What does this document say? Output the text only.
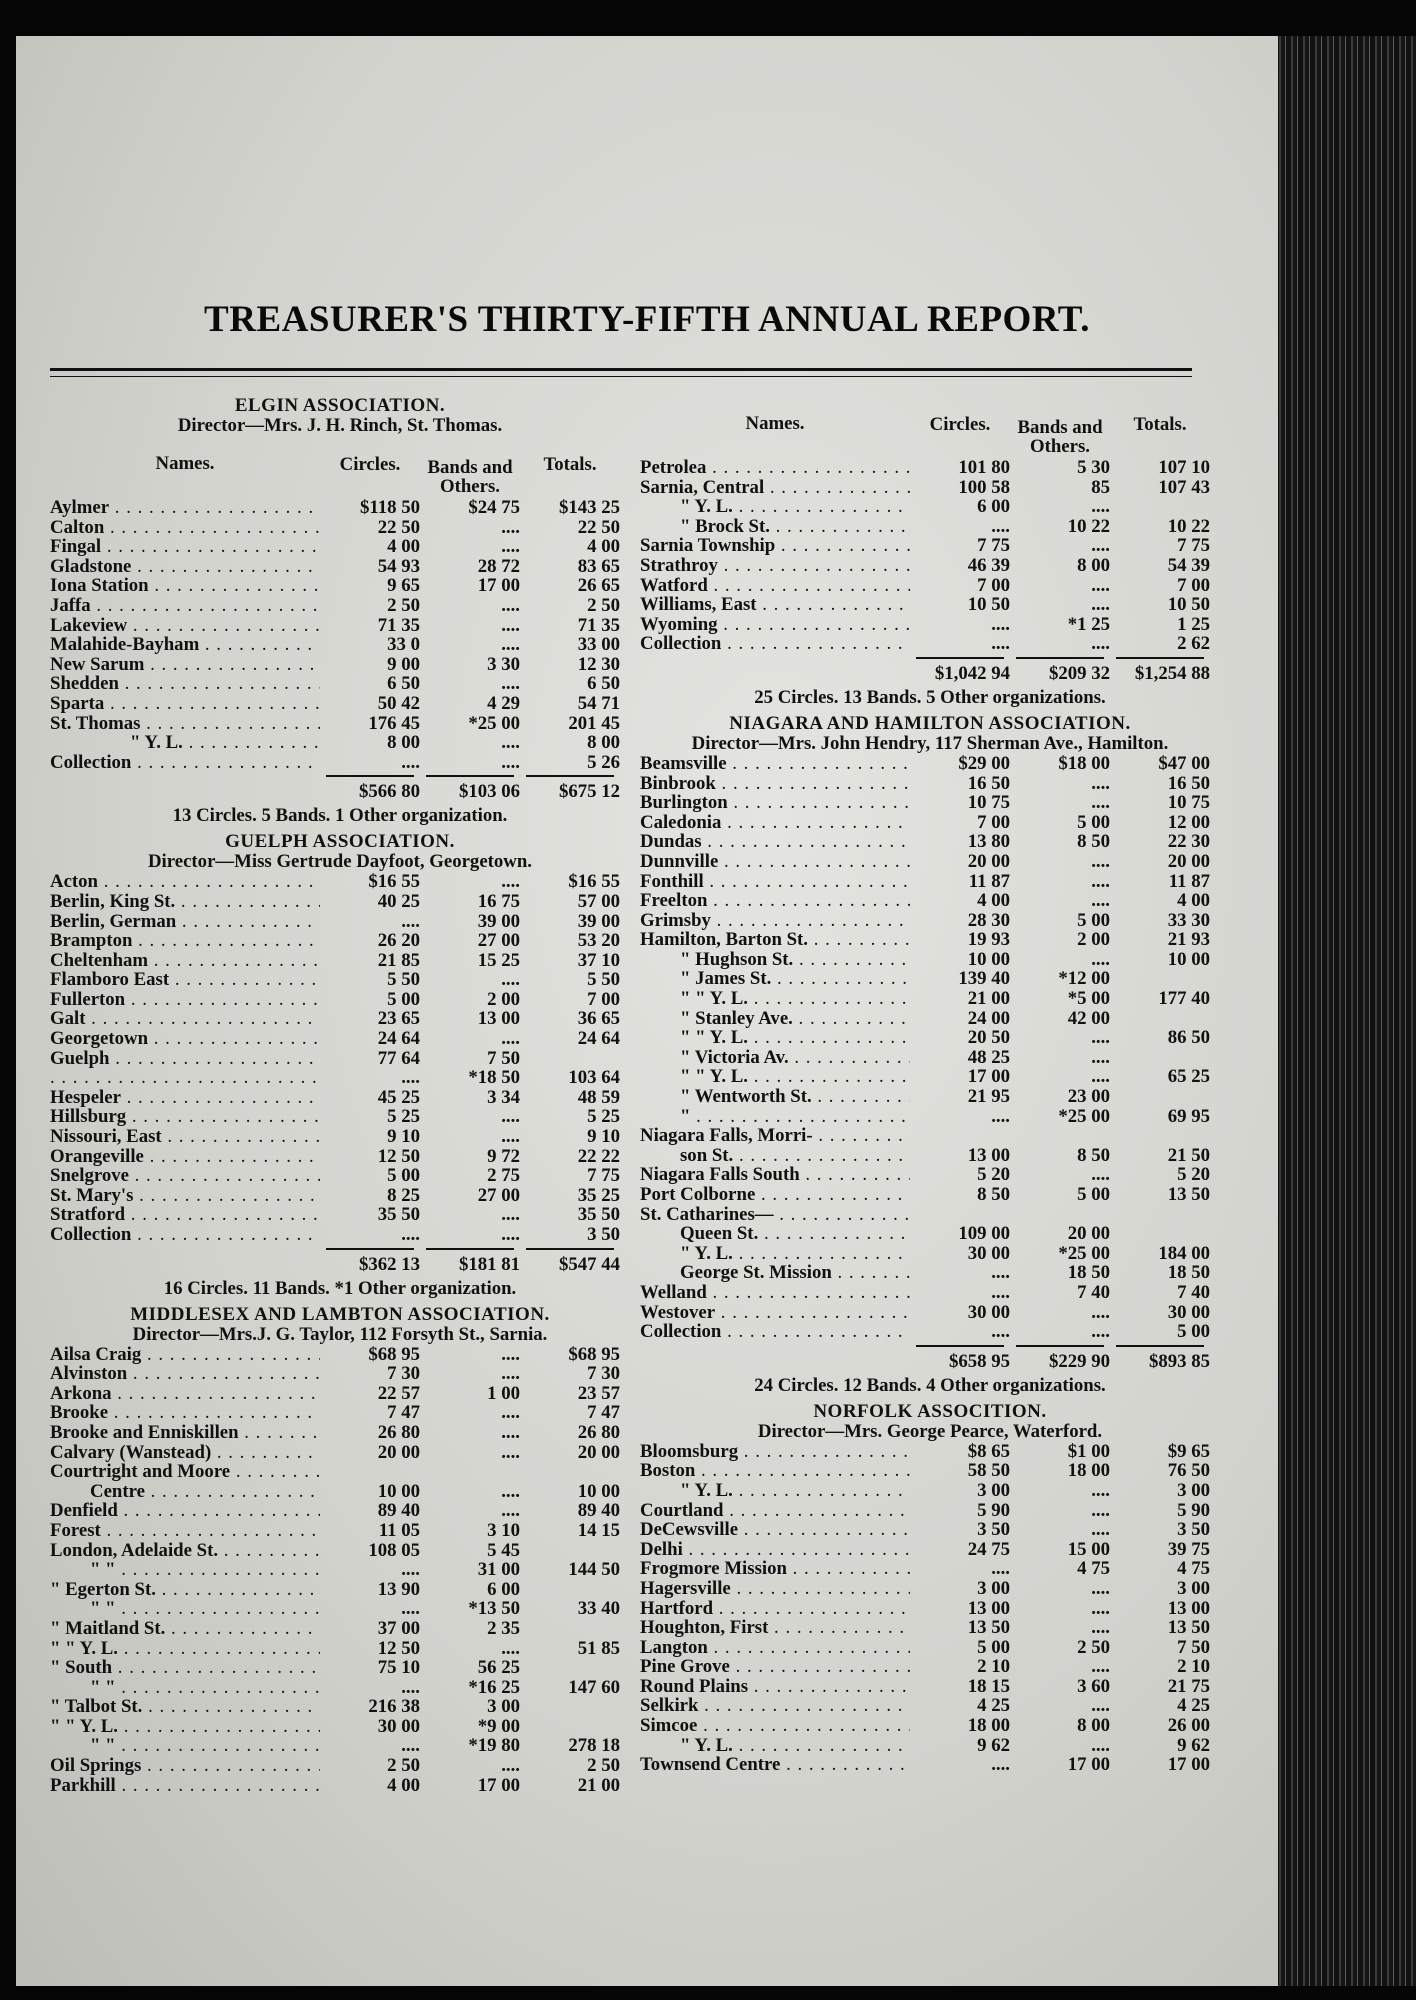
TREASURER'S THIRTY-FIFTH ANNUAL REPORT.
ELGIN ASSOCIATION.
Director—Mrs. J. H. Rinch, St. Thomas.
Names.	Circles.	Bands and Others.
Totals.
Aylmer . . .	$118 50	$24 75	$143 25
Calton . . .	22 50	....	22 50
Fingal . . .	4 00	....	4 00
Gladstone . . .	54 93	28 72	83 65
Iona Station . . .	9 65	17 00	26 65
Jaffa . . .	2 50	....	2 50
Lakeview . . .	71 35	....	71 35
Malahide-Bayham . . .	33 0	....	33 00
New Sarum . . .	9 00	3 30	12 30
Shedden . . .	6 50	....	6 50
Sparta . . .	50 42	4 29	54 71
St. Thomas . . .	176 45	*25 00	201 45
" Y. L. . . .	8 00	....	8 00
Collection . . .	....	....	5 26
$566 80	$103 06	$675 12
13 Circles. 5 Bands. 1 Other organization.
GUELPH ASSOCIATION.
Director—Miss Gertrude Dayfoot, Georgetown.
Acton . . .	$16 55	....	$16 55
Berlin, King St. . . .	40 25	16 75	57 00
Berlin, German . . .	....	39 00	39 00
Brampton . . .	26 20	27 00	53 20
Cheltenham . . .	21 85	15 25	37 10
Flamboro East . . .	5 50	....	5 50
Fullerton . . .	5 00	2 00	7 00
Galt . . .	23 65	13 00	36 65
Georgetown . . .	24 64	....	24 64
Guelph . . .	77 64	7 50
. . .
....	*18 50	103 64
Hespeler . . .	45 25	3 34	48 59
Hillsburg . . .	5 25	....	5 25
Nissouri, East . . .	9 10	....	9 10
Orangeville . . .	12 50	9 72	22 22
Snelgrove . . .	5 00	2 75	7 75
St. Mary's . . .	8 25	27 00	35 25
Stratford . . .	35 50	....	35 50
Collection . . .	....	....	3 50
$362 13	$181 81	$547 44
16 Circles. 11 Bands. *1 Other organization.
MIDDLESEX AND LAMBTON ASSOCIATION.
Director—Mrs.J. G. Taylor, 112 Forsyth St., Sarnia.
Ailsa Craig . . .	$68 95	....	$68 95
Alvinston . . .	7 30	....	7 30
Arkona . . .	22 57	1 00	23 57
Brooke . . .	7 47	....	7 47
Brooke and Enniskillen . . .	26 80	....	26 80
Calvary (Wanstead) . . .	20 00	....	20 00
Courtright and Moore . . .
Centre . . .	10 00	....	10 00
Denfield . . .	89 40	....	89 40
Forest . . .	11 05	3 10	14 15
London, Adelaide St. . . .	108 05	5 45
" " . . .	....	31 00	144 50
" Egerton St. . . .	13 90	6 00
" " . . .	....	*13 50	33 40
" Maitland St. . . .	37 00	2 35
" " Y. L. . . .	12 50	....	51 85
" South . . .	75 10	56 25
" " . . .	....	*16 25	147 60
" Talbot St. . . .	216 38	3 00
" " Y. L. . . .	30 00	*9 00
" " . . .	....	*19 80	278 18
Oil Springs . . .	2 50	....	2 50
Parkhill . . .	4 00	17 00	21 00
Names.	Circles.	Bands and Others.
Totals.
Petrolea . . .	101 80	5 30	107 10
Sarnia, Central . . .	100 58	85	107 43
" Y. L. . . .	6 00	....
" Brock St. . . .	....	10 22	10 22
Sarnia Township . . .	7 75	....	7 75
Strathroy . . .	46 39	8 00	54 39
Watford . . .	7 00	....	7 00
Williams, East . . .	10 50	....	10 50
Wyoming . . .	....	*1 25	1 25
Collection . . .	....	....	2 62
$1,042 94	$209 32	$1,254 88
25 Circles. 13 Bands. 5 Other organizations.
NIAGARA AND HAMILTON ASSOCIATION.
Director—Mrs. John Hendry, 117 Sherman Ave., Hamilton.
Beamsville . . .	$29 00	$18 00	$47 00
Binbrook . . .	16 50	....	16 50
Burlington . . .	10 75	....	10 75
Caledonia . . .	7 00	5 00	12 00
Dundas . . .	13 80	8 50	22 30
Dunnville . . .	20 00	....	20 00
Fonthill . . .	11 87	....	11 87
Freelton . . .	4 00	....	4 00
Grimsby . . .	28 30	5 00	33 30
Hamilton, Barton St. . . .	19 93	2 00	21 93
" Hughson St. . . .	10 00	....	10 00
" James St. . . .	139 40	*12 00
" " Y. L. . . .	21 00	*5 00	177 40
" Stanley Ave. . . .	24 00	42 00
" " Y. L. . . .	20 50	....	86 50
" Victoria Av. . . .	48 25	....
" " Y. L. . . .	17 00	....	65 25
" Wentworth St. . . .	21 95	23 00
" . . .	....	*25 00	69 95
Niagara Falls, Morri- . . .
son St. . . .	13 00	8 50	21 50
Niagara Falls South . . .	5 20	....	5 20
Port Colborne . . .	8 50	5 00	13 50
St. Catharines— . . .
Queen St. . . .	109 00	20 00
" Y. L. . . .	30 00	*25 00	184 00
George St. Mission . . .	....	18 50	18 50
Welland . . .	....	7 40	7 40
Westover . . .	30 00	....	30 00
Collection . . .	....	....	5 00
$658 95	$229 90	$893 85
24 Circles. 12 Bands. 4 Other organizations.
NORFOLK ASSOCITION.
Director—Mrs. George Pearce, Waterford.
Bloomsburg . . .	$8 65	$1 00	$9 65
Boston . . .	58 50	18 00	76 50
" Y. L. . . .	3 00	....	3 00
Courtland . . .	5 90	....	5 90
DeCewsville . . .	3 50	....	3 50
Delhi . . .	24 75	15 00	39 75
Frogmore Mission . . .	....	4 75	4 75
Hagersville . . .	3 00	....	3 00
Hartford . . .	13 00	....	13 00
Houghton, First . . .	13 50	....	13 50
Langton . . .	5 00	2 50	7 50
Pine Grove . . .	2 10	....	2 10
Round Plains . . .	18 15	3 60	21 75
Selkirk . . .	4 25	....	4 25
Simcoe . . .	18 00	8 00	26 00
" Y. L. . . .	9 62	....	9 62
Townsend Centre . . .	....	17 00	17 00
